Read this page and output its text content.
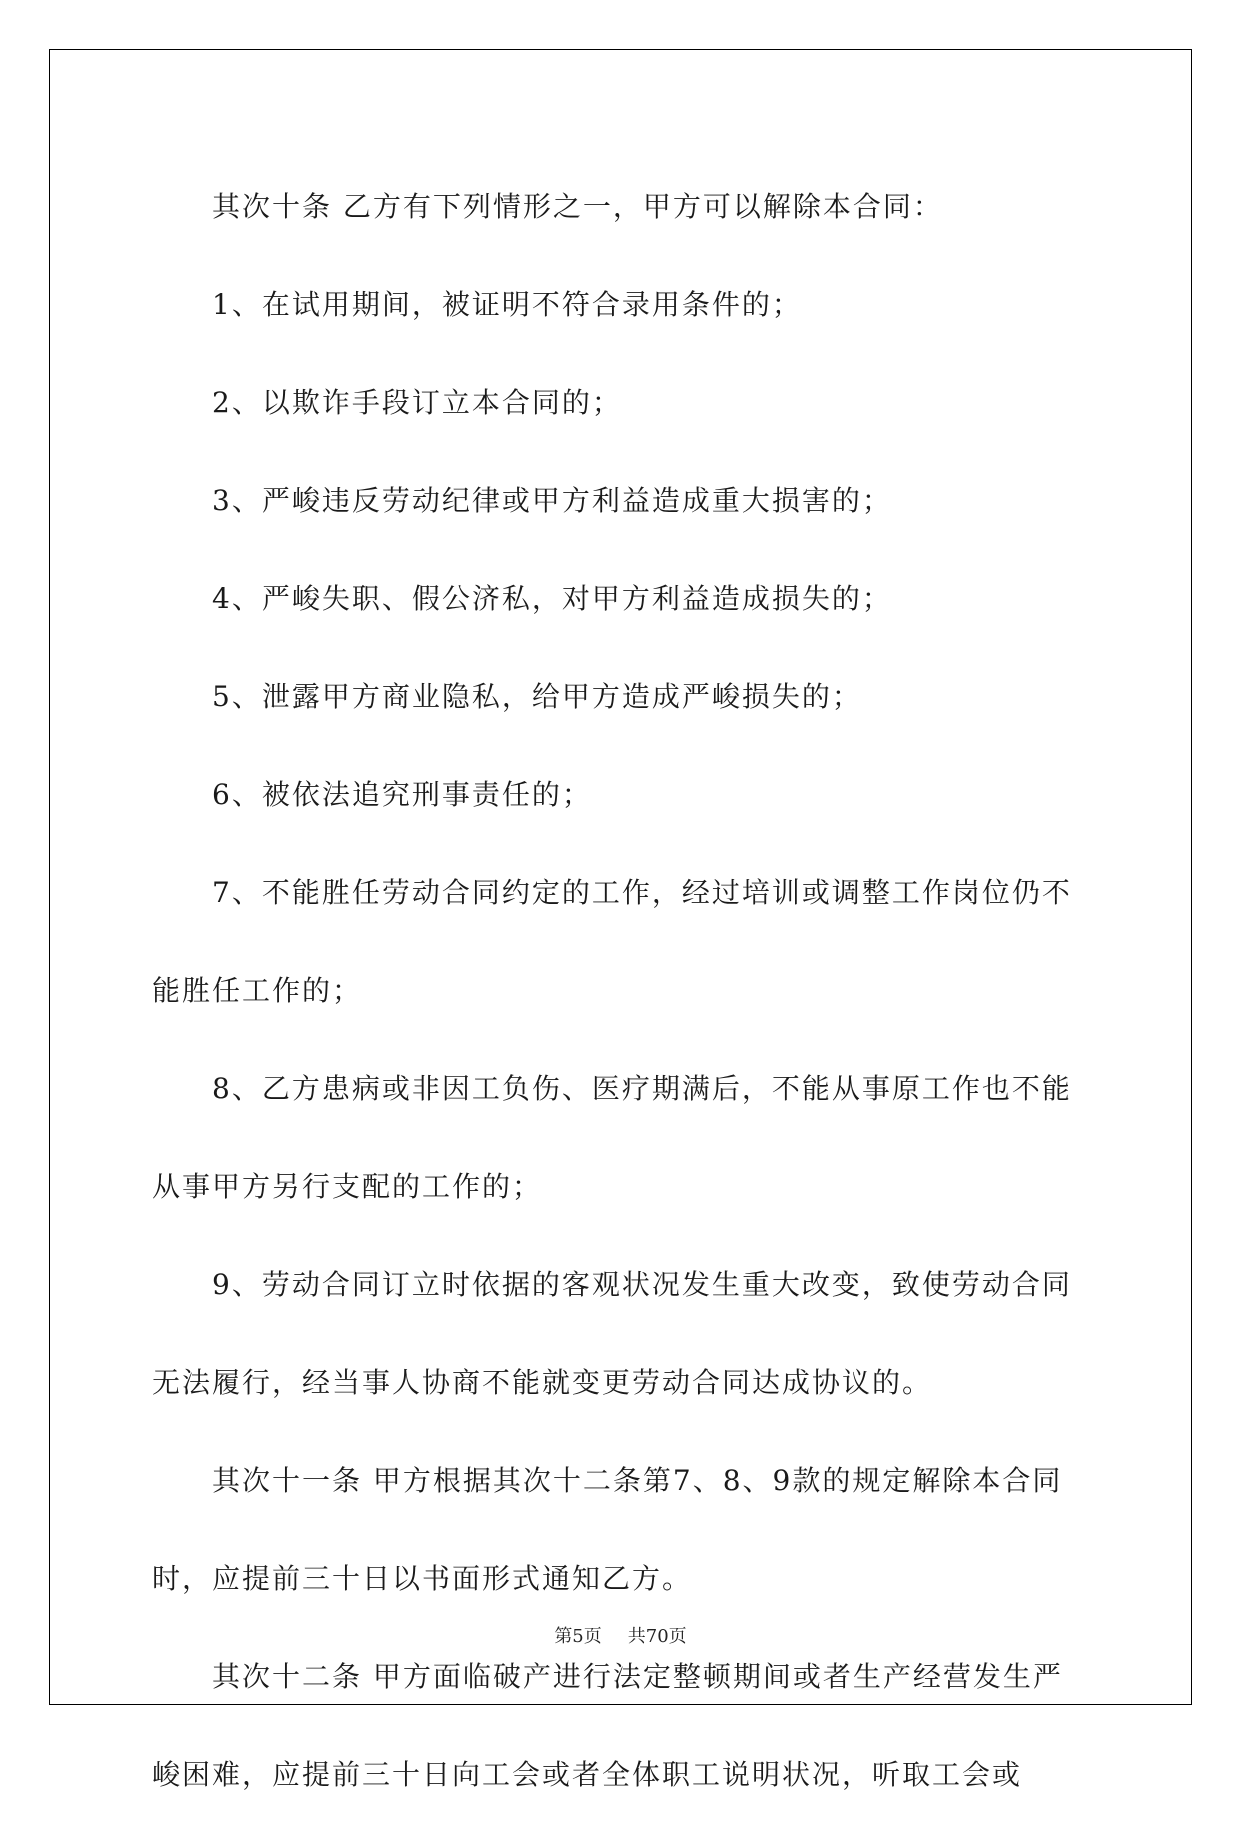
其次十条 乙方有下列情形之一，甲方可以解除本合同：

1、在试用期间，被证明不符合录用条件的；

2、以欺诈手段订立本合同的；

3、严峻违反劳动纪律或甲方利益造成重大损害的；

4、严峻失职、假公济私，对甲方利益造成损失的；

5、泄露甲方商业隐私，给甲方造成严峻损失的；

6、被依法追究刑事责任的；

7、不能胜任劳动合同约定的工作，经过培训或调整工作岗位仍不能胜任工作的；

8、乙方患病或非因工负伤、医疗期满后，不能从事原工作也不能从事甲方另行支配的工作的；

9、劳动合同订立时依据的客观状况发生重大改变，致使劳动合同无法履行，经当事人协商不能就变更劳动合同达成协议的。

其次十一条 甲方根据其次十二条第7、8、9款的规定解除本合同时，应提前三十日以书面形式通知乙方。

其次十二条 甲方面临破产进行法定整顿期间或者生产经营发生严峻困难，应提前三十日向工会或者全体职工说明状况，听取工会或

第5页 共70页
